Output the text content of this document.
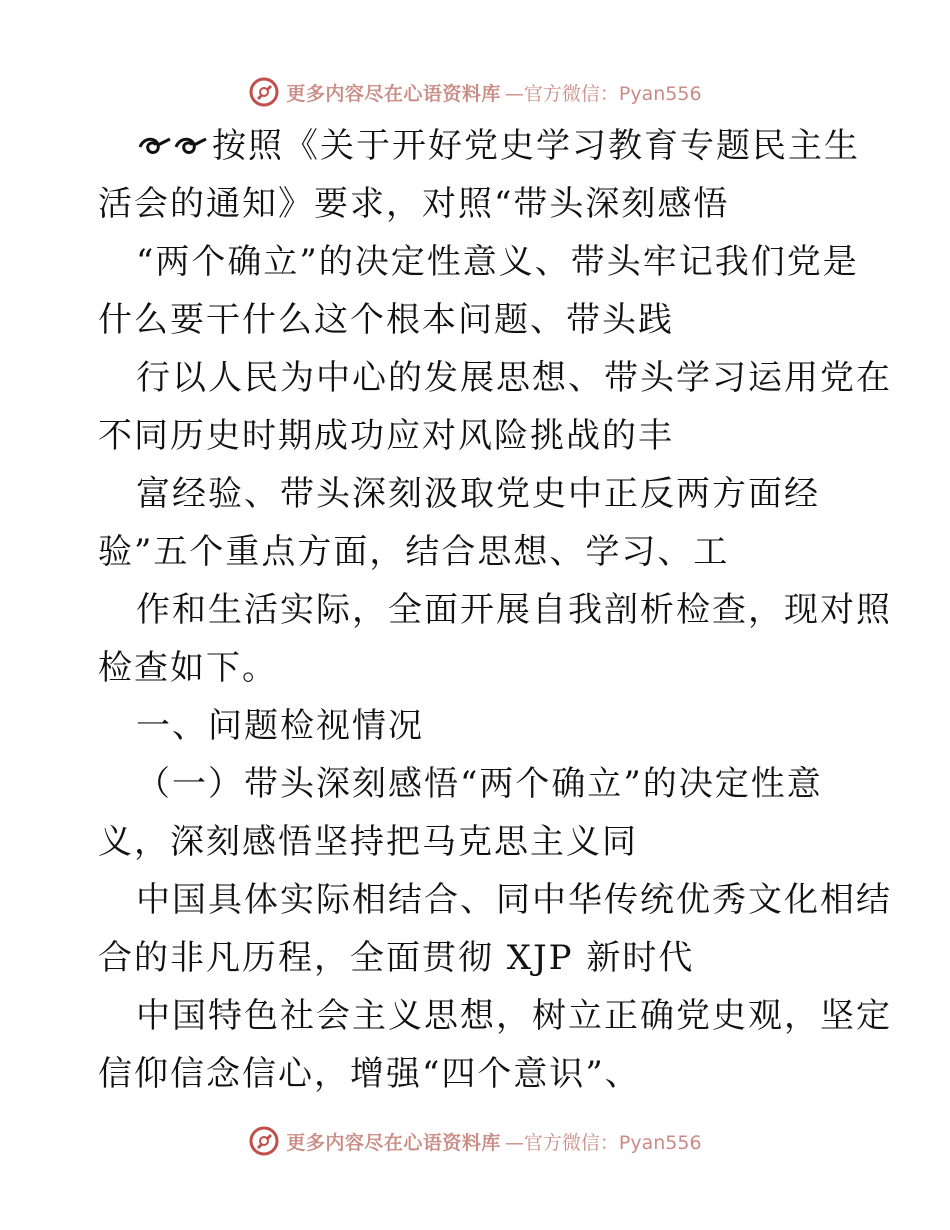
更多内容尽在心语资料库 —官方微信：Pyan556
按照《关于开好党史学习教育专题民主生
活会的通知》要求，对照“带头深刻感悟
“两个确立”的决定性意义、带头牢记我们党是
什么要干什么这个根本问题、带头践
行以人民为中心的发展思想、带头学习运用党在
不同历史时期成功应对风险挑战的丰
富经验、带头深刻汲取党史中正反两方面经
验”五个重点方面，结合思想、学习、工
作和生活实际，全面开展自我剖析检查，现对照
检查如下。
一、问题检视情况
（一）带头深刻感悟“两个确立”的决定性意
义，深刻感悟坚持把马克思主义同
中国具体实际相结合、同中华传统优秀文化相结
合的非凡历程，全面贯彻 XJP 新时代
中国特色社会主义思想，树立正确党史观，坚定
信仰信念信心，增强“四个意识”、
更多内容尽在心语资料库 —官方微信：Pyan556
